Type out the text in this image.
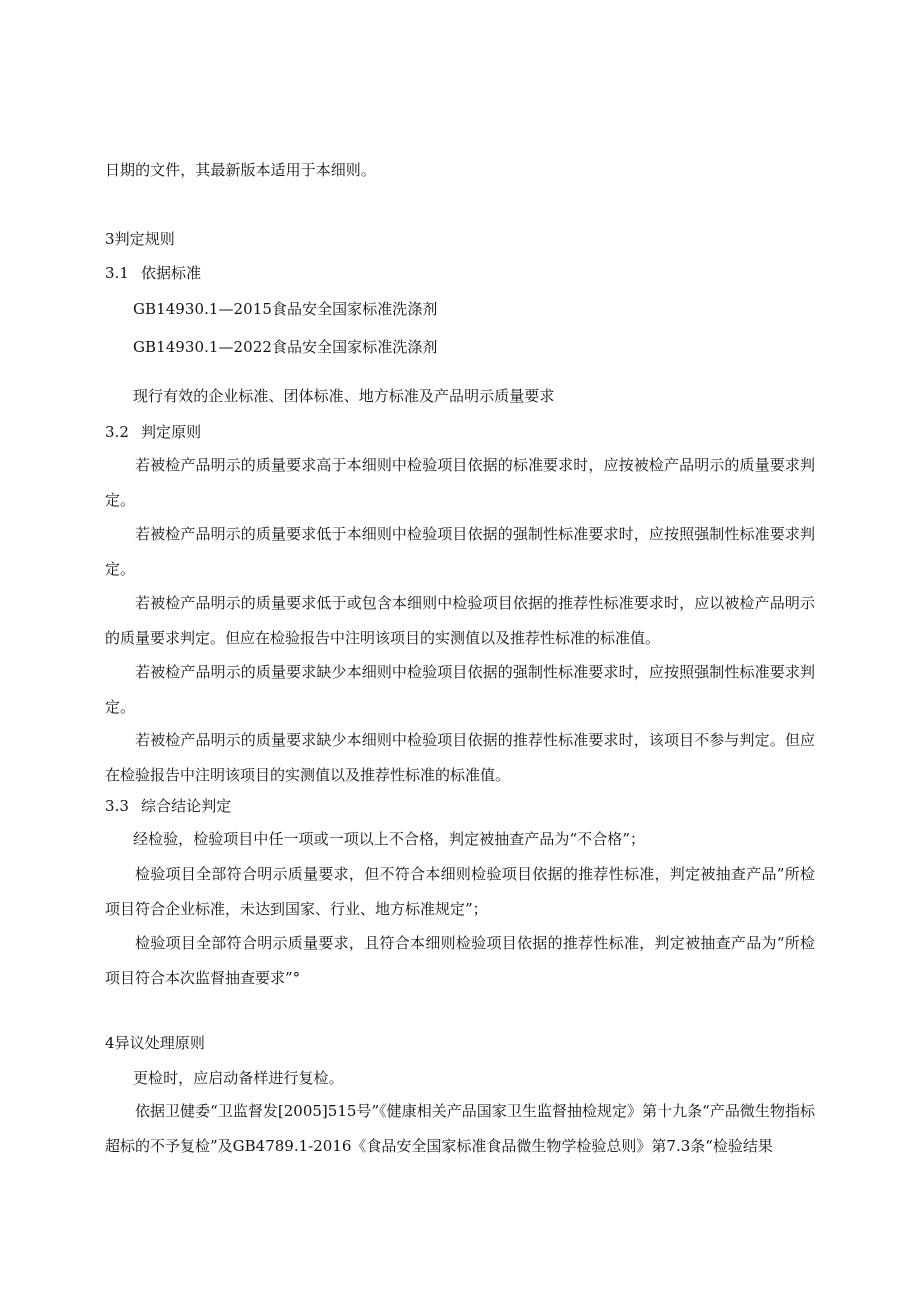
日期的文件，其最新版本适用于本细则。

3判定规则

3.1 依据标准

GB14930.1—2015食品安全国家标准洗涤剂

GB14930.1—2022食品安全国家标准洗涤剂

现行有效的企业标准、团体标准、地方标准及产品明示质量要求

3.2 判定原则

若被检产品明示的质量要求高于本细则中检验项目依据的标准要求时，应按被检产品明示的质量要求判定。

若被检产品明示的质量要求低于本细则中检验项目依据的强制性标准要求时，应按照强制性标准要求判定。

若被检产品明示的质量要求低于或包含本细则中检验项目依据的推荐性标准要求时，应以被检产品明示的质量要求判定。但应在检验报告中注明该项目的实测值以及推荐性标准的标准值。

若被检产品明示的质量要求缺少本细则中检验项目依据的强制性标准要求时，应按照强制性标准要求判定。

若被检产品明示的质量要求缺少本细则中检验项目依据的推荐性标准要求时，该项目不参与判定。但应在检验报告中注明该项目的实测值以及推荐性标准的标准值。

3.3 综合结论判定

经检验，检验项目中任一项或一项以上不合格，判定被抽查产品为“不合格”；

检验项目全部符合明示质量要求，但不符合本细则检验项目依据的推荐性标准，判定被抽查产品”所检项目符合企业标准，未达到国家、行业、地方标准规定”；

检验项目全部符合明示质量要求，且符合本细则检验项目依据的推荐性标准，判定被抽查产品为“所检项目符合本次监督抽查要求”°

4异议处理原则

更检时，应启动备样进行复检。

依据卫健委“卫监督发[2005]515号”《健康相关产品国家卫生监督抽检规定》第十九条“产品微生物指标超标的不予复检”及GB4789.1-2016《食品安全国家标准食品微生物学检验总则》第7.3条“检验结果
